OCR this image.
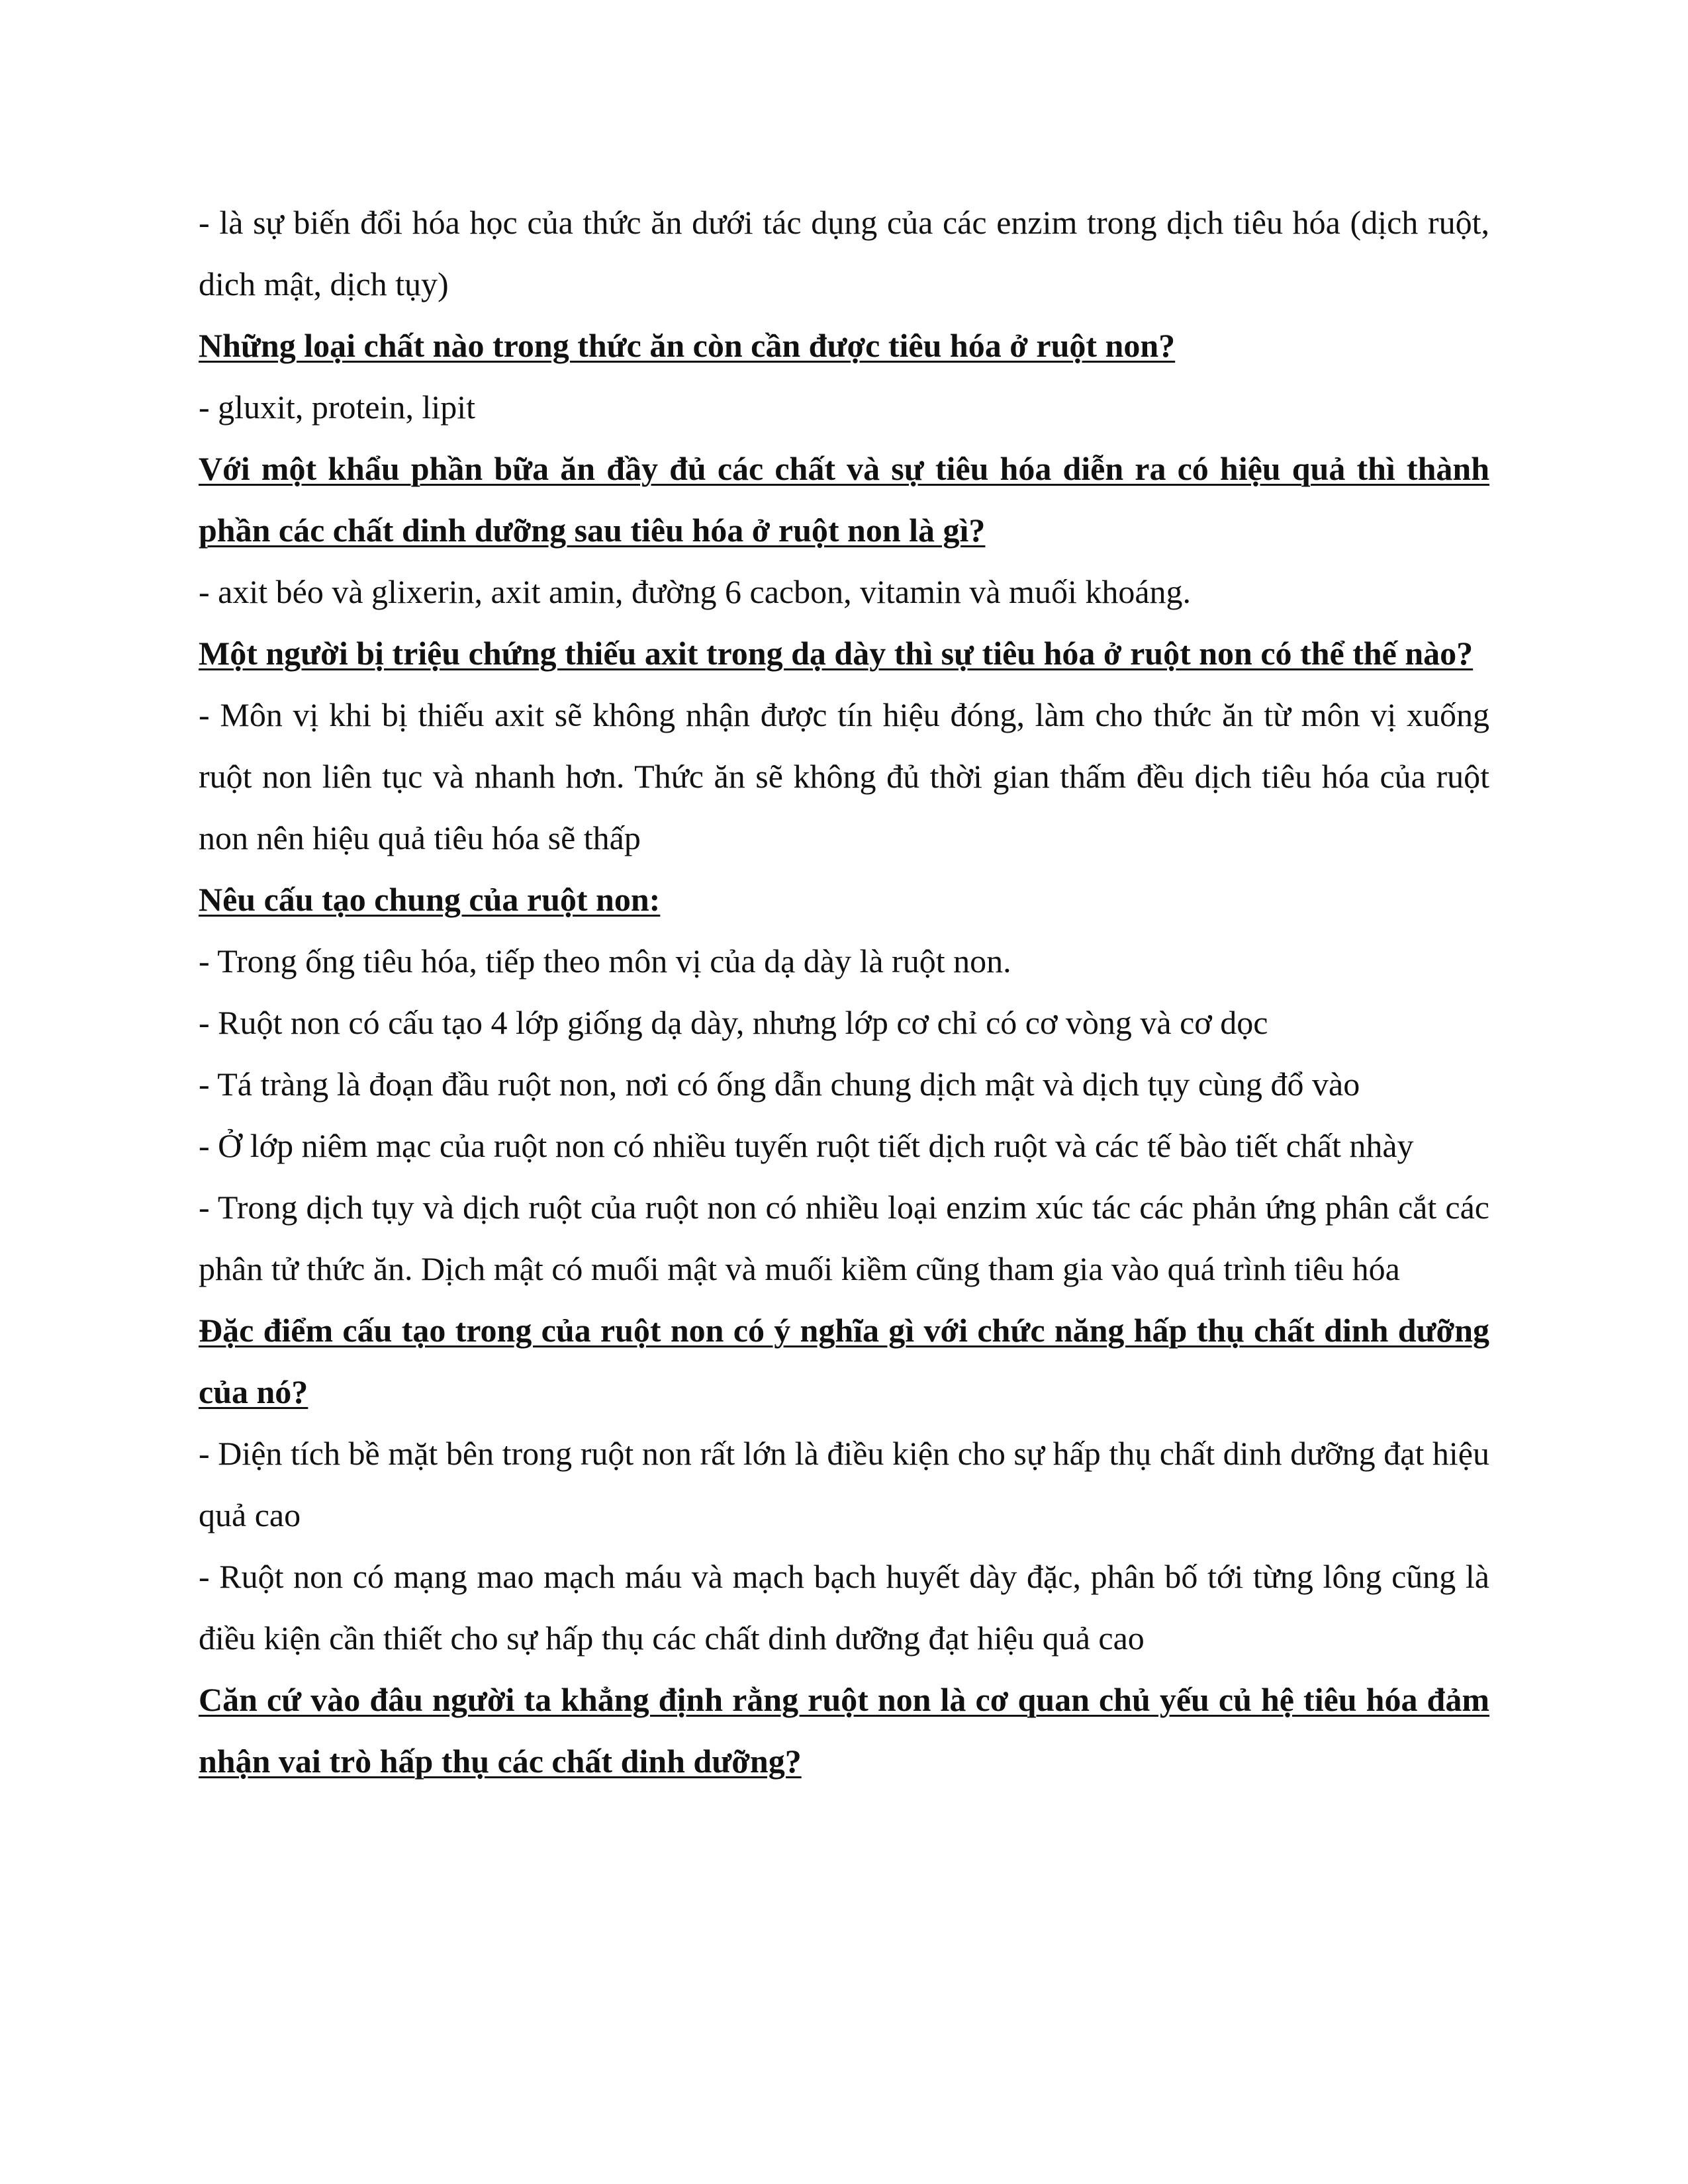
- là sự biến đổi hóa học của thức ăn dưới tác dụng của các enzim trong dịch tiêu hóa (dịch ruột, dich mật, dịch tụy)

Những loại chất nào trong thức ăn còn cần được tiêu hóa ở ruột non?

- gluxit, protein, lipit

Với một khẩu phần bữa ăn đầy đủ các chất và sự tiêu hóa diễn ra có hiệu quả thì thành phần các chất dinh dưỡng sau tiêu hóa ở ruột non là gì?

- axit béo và glixerin, axit amin, đường 6 cacbon, vitamin và muối khoáng.

Một người bị triệu chứng thiếu axit trong dạ dày thì sự tiêu hóa ở ruột non có thể thế nào?

- Môn vị khi bị thiếu axit sẽ không nhận được tín hiệu đóng, làm cho thức ăn từ môn vị xuống ruột non liên tục và nhanh hơn. Thức ăn sẽ không đủ thời gian thấm đều dịch tiêu hóa của ruột non nên hiệu quả tiêu hóa sẽ thấp

Nêu cấu tạo chung của ruột non:

- Trong ống tiêu hóa, tiếp theo môn vị của dạ dày là ruột non.

- Ruột non có cấu tạo 4 lớp giống dạ dày, nhưng lớp cơ chỉ có cơ vòng và cơ dọc

- Tá tràng là đoạn đầu ruột non, nơi có ống dẫn chung dịch mật và dịch tụy cùng đổ vào

- Ở lớp niêm mạc của ruột non có nhiều tuyến ruột tiết dịch ruột và các tế bào tiết chất nhày

- Trong dịch tụy và dịch ruột của ruột non có nhiều loại enzim xúc tác các phản ứng phân cắt các phân tử thức ăn. Dịch mật có muối mật và muối kiềm cũng tham gia vào quá trình tiêu hóa

Đặc điểm cấu tạo trong của ruột non có ý nghĩa gì với chức năng hấp thụ chất dinh dưỡng của nó?

- Diện tích bề mặt bên trong ruột non rất lớn là điều kiện cho sự hấp thụ chất dinh dưỡng đạt hiệu quả cao

- Ruột non có mạng mao mạch máu và mạch bạch huyết dày đặc, phân bố tới từng lông cũng là điều kiện cần thiết cho sự hấp thụ các chất dinh dưỡng đạt hiệu quả cao

Căn cứ vào đâu người ta khẳng định rằng ruột non là cơ quan chủ yếu củ hệ tiêu hóa đảm nhận vai trò hấp thụ các chất dinh dưỡng?
